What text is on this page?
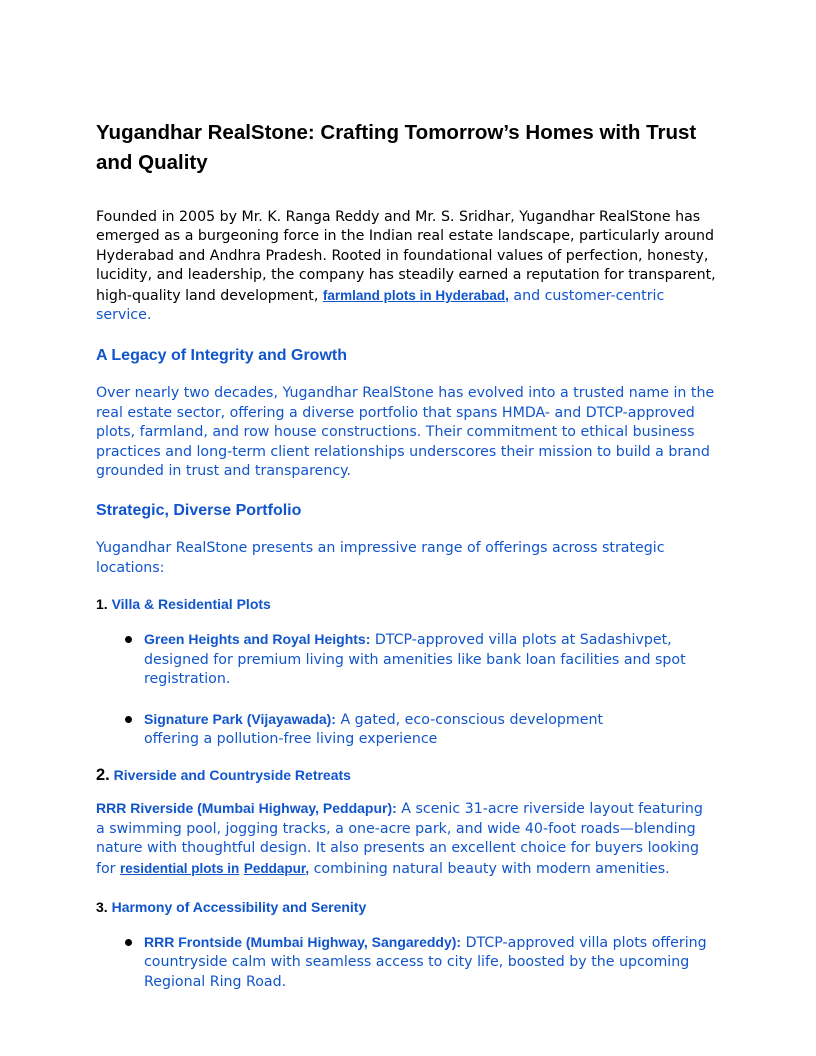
Yugandhar RealStone: Crafting Tomorrow’s Homes with Trust and Quality

Founded in 2005 by Mr. K. Ranga Reddy and Mr. S. Sridhar, Yugandhar RealStone has emerged as a burgeoning force in the Indian real estate landscape, particularly around Hyderabad and Andhra Pradesh. Rooted in foundational values of perfection, honesty, lucidity, and leadership, the company has steadily earned a reputation for transparent, high-quality land development, farmland plots in Hyderabad, and customer-centric service.

A Legacy of Integrity and Growth

Over nearly two decades, Yugandhar RealStone has evolved into a trusted name in the real estate sector, offering a diverse portfolio that spans HMDA- and DTCP-approved plots, farmland, and row house constructions. Their commitment to ethical business practices and long-term client relationships underscores their mission to build a brand grounded in trust and transparency.

Strategic, Diverse Portfolio

Yugandhar RealStone presents an impressive range of offerings across strategic locations:

1. Villa & Residential Plots
Green Heights and Royal Heights: DTCP-approved villa plots at Sadashivpet, designed for premium living with amenities like bank loan facilities and spot registration.
Signature Park (Vijayawada): A gated, eco-conscious development offering a pollution-free living experience
2. Riverside and Countryside Retreats

RRR Riverside (Mumbai Highway, Peddapur): A scenic 31-acre riverside layout featuring a swimming pool, jogging tracks, a one-acre park, and wide 40-foot roads—blending nature with thoughtful design. It also presents an excellent choice for buyers looking for residential plots in Peddapur, combining natural beauty with modern amenities.

3. Harmony of Accessibility and Serenity
RRR Frontside (Mumbai Highway, Sangareddy): DTCP-approved villa plots offering countryside calm with seamless access to city life, boosted by the upcoming Regional Ring Road.
